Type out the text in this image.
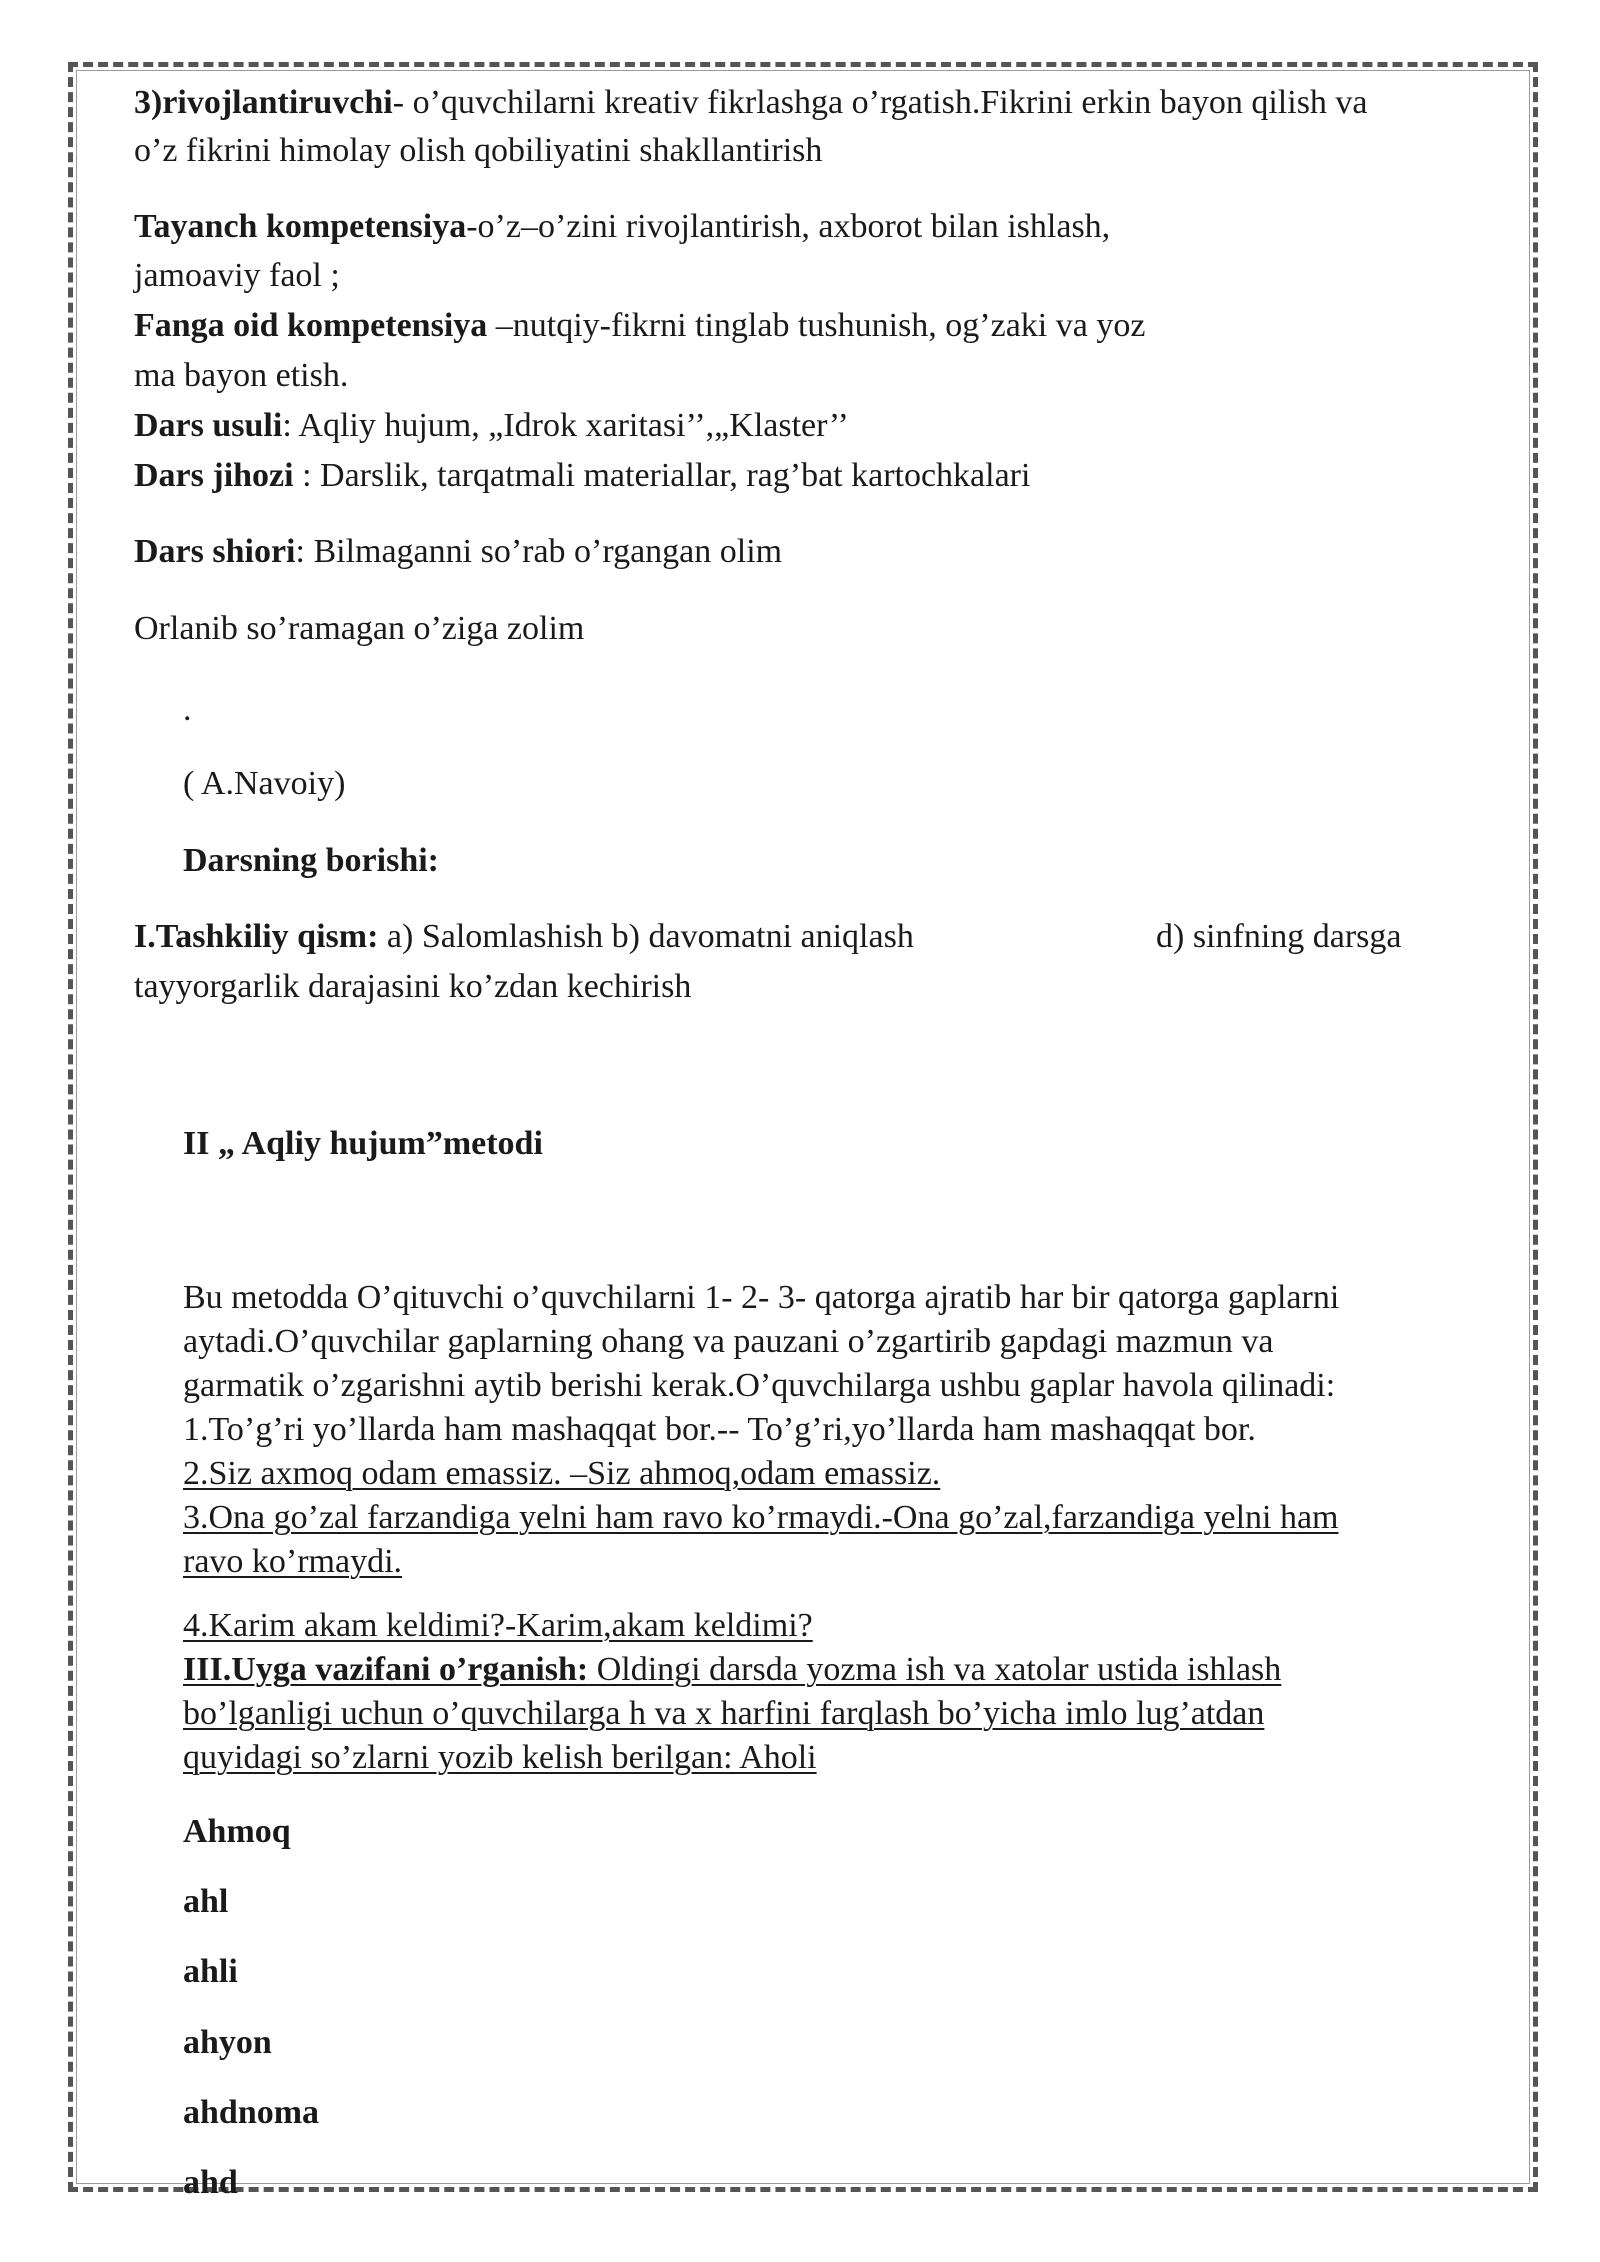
3)rivojlantiruvchi- o’quvchilarni kreativ fikrlashga o’rgatish.Fikrini erkin bayon qilish va
o’z fikrini himolay olish qobiliyatini shakllantirish
Tayanch kompetensiya-o’z–o’zini rivojlantirish, axborot bilan ishlash,
jamoaviy faol ;
Fanga oid kompetensiya –nutqiy-fikrni tinglab tushunish, og’zaki va yoz
ma bayon etish.
Dars usuli: Aqliy hujum, „Idrok xaritasi’’,„Klaster’’
Dars jihozi : Darslik, tarqatmali materiallar, rag’bat kartochkalari
Dars shiori: Bilmaganni so’rab o’rgangan olim
Orlanib so’ramagan o’ziga zolim
.
( A.Navoiy)
Darsning borishi:
I.Tashkiliy qism: a) Salomlashish b) davomatni aniqlash	d) sinfning darsga
tayyorgarlik darajasini ko’zdan kechirish
II „ Aqliy hujum”metodi
Bu metodda O’qituvchi o’quvchilarni 1- 2- 3- qatorga ajratib har bir qatorga gaplarni
aytadi.O’quvchilar gaplarning ohang va pauzani o’zgartirib gapdagi mazmun va
garmatik o’zgarishni aytib berishi kerak.O’quvchilarga ushbu gaplar havola qilinadi:
1.To’g’ri yo’llarda ham mashaqqat bor.-- To’g’ri,yo’llarda ham mashaqqat bor.
2.Siz axmoq odam emassiz. –Siz ahmoq,odam emassiz.
3.Ona go’zal farzandiga yelni ham ravo ko’rmaydi.-Ona go’zal,farzandiga yelni ham
ravo ko’rmaydi.
4.Karim akam keldimi?-Karim,akam keldimi?
III.Uyga vazifani o’rganish: Oldingi darsda yozma ish va xatolar ustida ishlash
bo’lganligi uchun o’quvchilarga h va x harfini farqlash bo’yicha imlo lug’atdan
quyidagi so’zlarni yozib kelish berilgan: Aholi
Ahmoq
ahl
ahli
ahyon
ahdnoma
ahd
